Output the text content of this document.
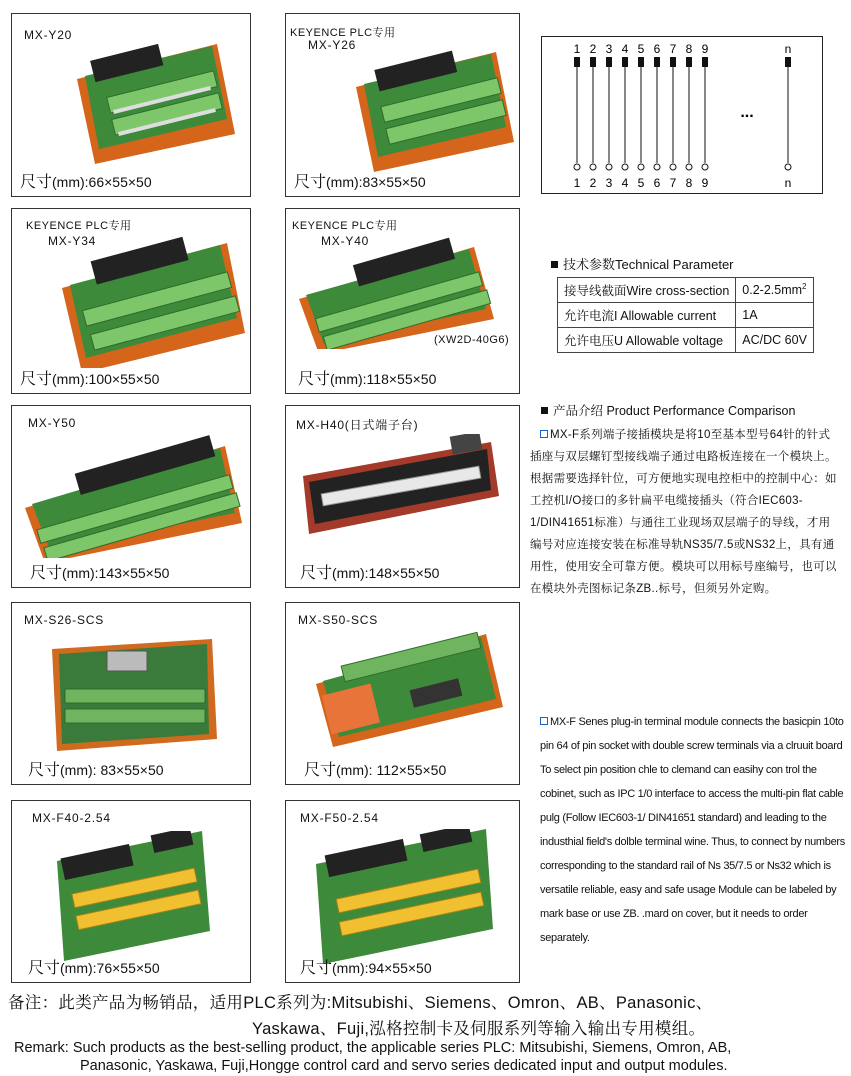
MX-Y20
尺寸(mm):66×55×50
KEYENCE PLC专用
MX-Y26
尺寸(mm):83×55×50
KEYENCE PLC专用
MX-Y34
尺寸(mm):100×55×50
KEYENCE PLC专用
MX-Y40
(XW2D-40G6)
尺寸(mm):118×55×50
MX-Y50
尺寸(mm):143×55×50
MX-H40(日式端子台)
尺寸(mm):148×55×50
MX-S26-SCS
尺寸(mm): 83×55×50
MX-S50-SCS
尺寸(mm): 112×55×50
MX-F40-2.54
尺寸(mm):76×55×50
MX-F50-2.54
尺寸(mm):94×55×50
1 2 3 4 5 6 7 8 9	n
1 2 3 4 5 6 7 8 9	n
...
技术参数Technical Parameter
接导线截面Wire cross-section	$0.2-2.5mm^2$
允许电流I Allowable current	1A
允许电压U Allowable voltage	AC/DC 60V
产品介绍 Product Performance Comparison
MX-F系列端子接插模块是将10至基本型号64针的针式插座与双层螺钉型接线端子通过电路板连接在一个模块上。根据需要选择针位，可方便地实现电控柜中的控制中心：如工控机I/O接口的多针扁平电缆接插头（符合IEC603-1/DIN41651标准）与通往工业现场双层端子的导线，才用编号对应连接安装在标准导轨NS35/7.5或NS32上，具有通用性，使用安全可靠方便。模块可以用标号座编号，也可以在模块外壳图标记条ZB..标号，但须另外定购。
MX-F Senes plug-in terminal module connects the basicpin 10to pin 64 of pin socket with double screw terminals via a clruuit board To select pin position chle to clemand can easihy con trol the cobinet, such as IPC 1/0 interface to access the multi-pin flat cable pulg (Follow IEC603-1/ DIN41651 standard) and leading to the industhial field's dolble terminal wine. Thus, to connect by numbers corresponding to the standard rail of Ns 35/7.5 or Ns32 which is versatile reliable, easy and safe usage Module can be labeled by mark base or use ZB. .mard on cover, but it needs to order separately.
备注：此类产品为畅销品，适用PLC系列为:Mitsubishi、Siemens、Omron、AB、Panasonic、
Yaskawa、Fuji,泓格控制卡及伺服系列等输入输出专用模组。
Remark: Such products as the best-selling product, the applicable series PLC: Mitsubishi, Siemens, Omron, AB,
Panasonic, Yaskawa, Fuji,Hongge control card and servo series dedicated input and output modules.
